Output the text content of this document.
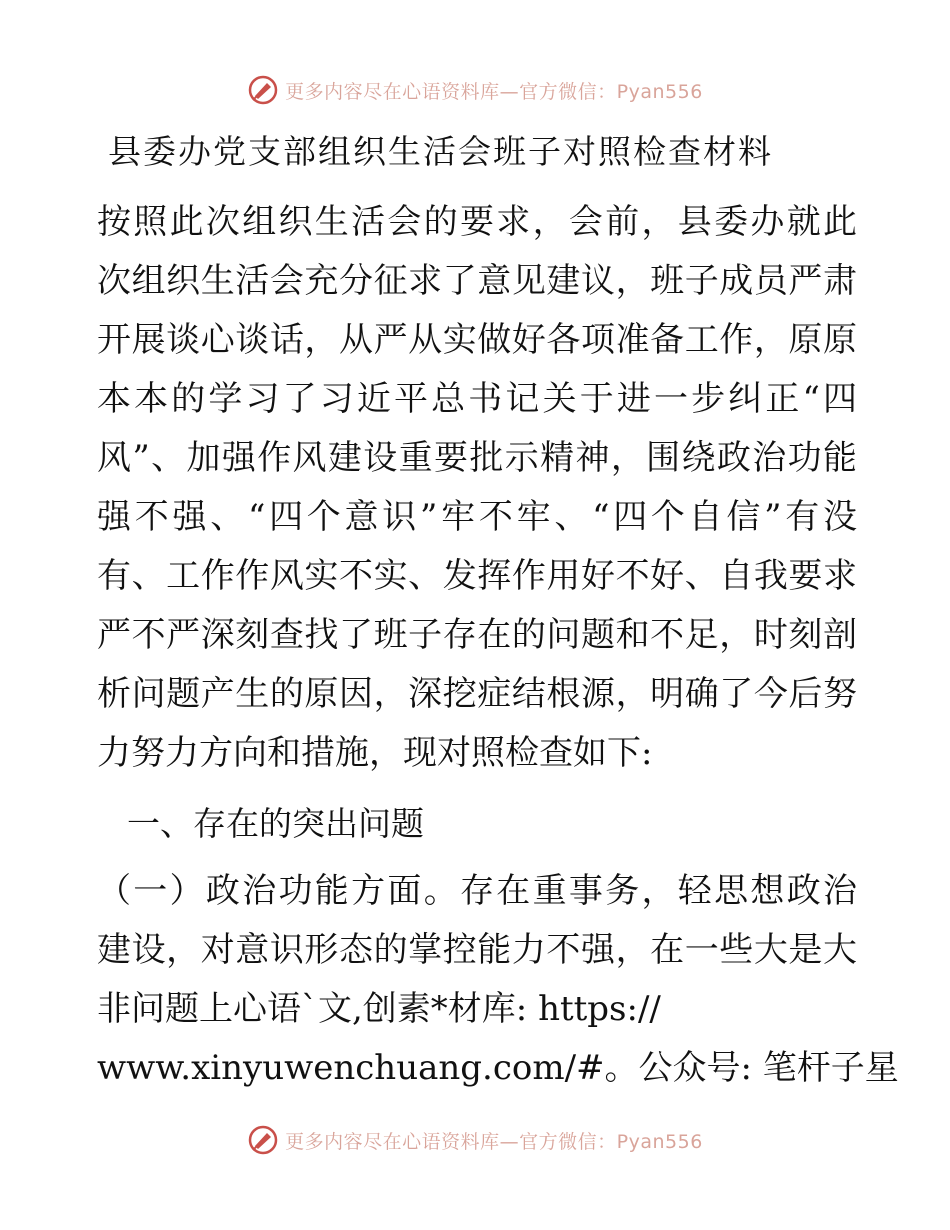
更多内容尽在心语资料库—官方微信：Pyan556
县委办党支部组织生活会班子对照检查材料
按照此次组织生活会的要求，会前，县委办就此
次组织生活会充分征求了意见建议，班子成员严肃
开展谈心谈话，从严从实做好各项准备工作，原原
本本的学习了习近平总书记关于进一步纠正“四
风”、加强作风建设重要批示精神，围绕政治功能
强不强、“四个意识”牢不牢、“四个自信”有没
有、工作作风实不实、发挥作用好不好、自我要求
严不严深刻查找了班子存在的问题和不足，时刻剖
析问题产生的原因，深挖症结根源，明确了今后努
力努力方向和措施，现对照检查如下:
一、存在的突出问题
（一）政治功能方面。存在重事务，轻思想政治
建设，对意识形态的掌控能力不强，在一些大是大
非问题上心语`文,创素*材库: https://
www.xinyuwenchuang.com/#。公众号: 笔杆子星
更多内容尽在心语资料库—官方微信：Pyan556
